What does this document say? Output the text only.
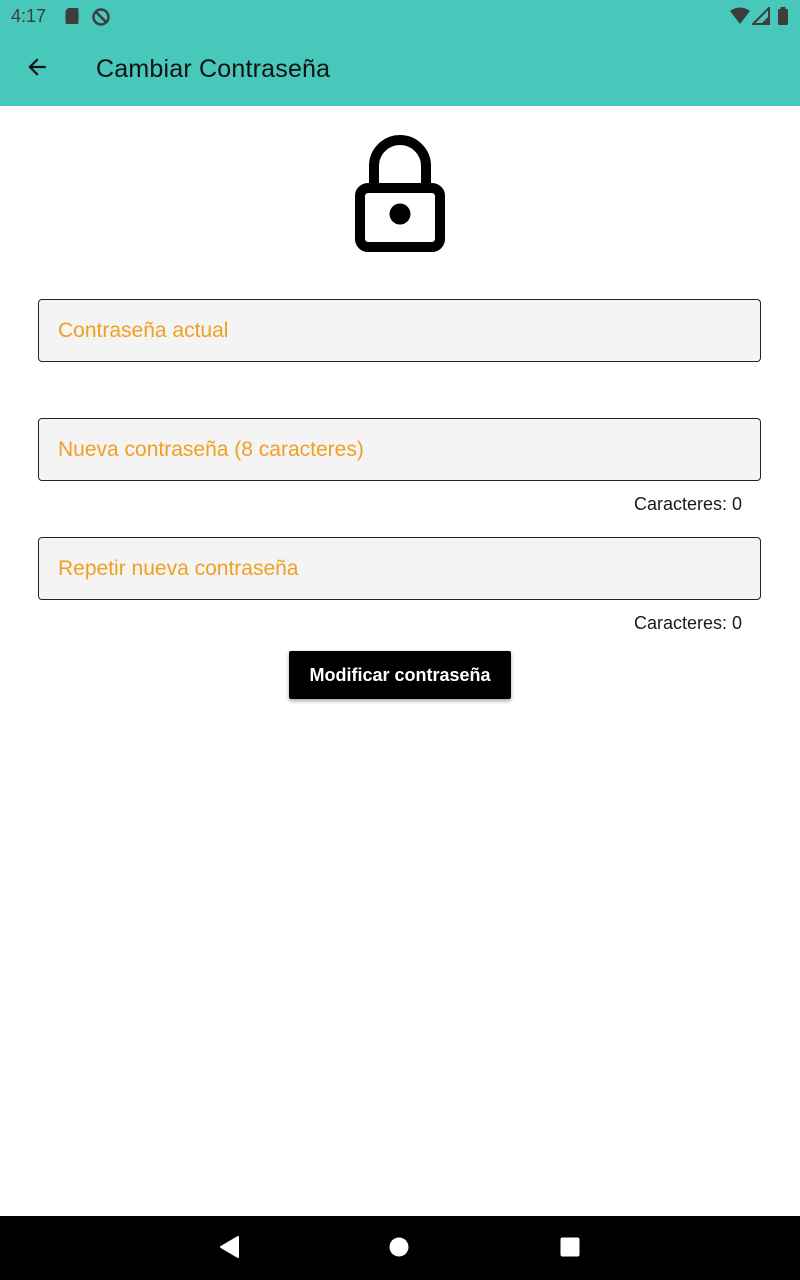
4:17
Cambiar Contraseña
Caracteres: 0
Caracteres: 0
Modificar contraseña
